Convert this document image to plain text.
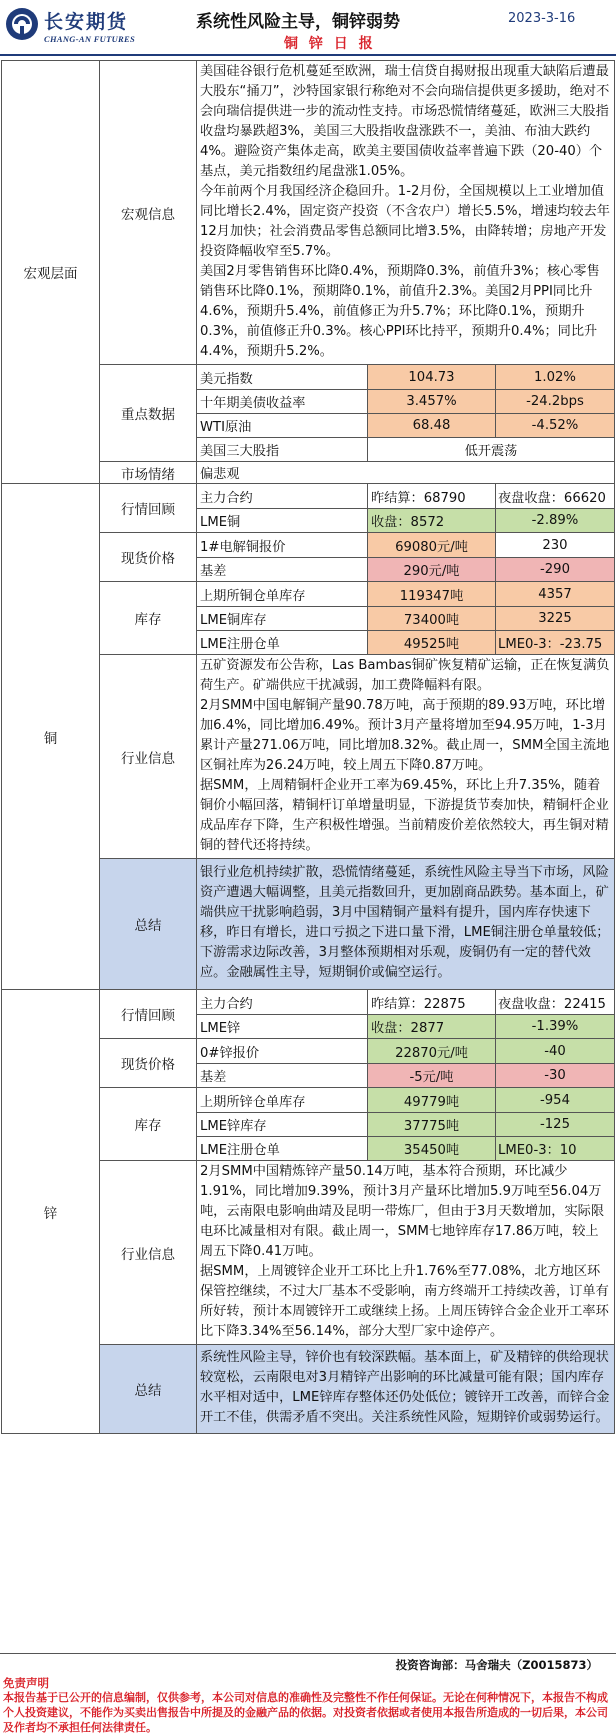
长安期货
CHANG-AN FUTURES
系统性风险主导，铜锌弱势	2023-3-16
铜 锌 日 报
宏观层面
宏观信息

美国硅谷银行危机蔓延至欧洲，瑞士信贷自揭财报出现重大缺陷后遭最大股东“捅刀”，沙特国家银行称绝对不会向瑞信提供更多援助，绝对不会向瑞信提供进一步的流动性支持。市场恐慌情绪蔓延，欧洲三大股指收盘均暴跌超3%，美国三大股指收盘涨跌不一，美油、布油大跌约4%。避险资产集体走高，欧美主要国债收益率普遍下跌（20-40）个基点，美元指数纽约尾盘涨1.05%。

今年前两个月我国经济企稳回升。1-2月份，全国规模以上工业增加值同比增长2.4%，固定资产投资（不含农户）增长5.5%，增速均较去年12月加快；社会消费品零售总额同比增3.5%，由降转增；房地产开发投资降幅收窄至5.7%。

美国2月零售销售环比降0.4%，预期降0.3%，前值升3%；核心零售销售环比降0.1%，预期降0.1%，前值升2.3%。美国2月PPI同比升4.6%，预期升5.4%，前值修正为升5.7%；环比降0.1%，预期升0.3%，前值修正升0.3%。核心PPI环比持平，预期升0.4%；同比升4.4%，预期升5.2%。

重点数据
美元指数	104.73	1.02%
十年期美债收益率	3.457%	-24.2bps
WTI原油	68.48	-4.52%
美国三大股指	低开震荡
市场情绪	偏悲观
铜
行情回顾
主力合约	昨结算：68790	夜盘收盘：66620
LME铜	收盘：8572	-2.89%
现货价格
1#电解铜报价	69080元/吨	230
基差	290元/吨	-290
库存
上期所铜仓单库存	119347吨	4357
LME铜库存	73400吨	3225
LME注册仓单	49525吨	LME0-3：-23.75
行业信息

五矿资源发布公告称，Las Bambas铜矿恢复精矿运输，正在恢复满负荷生产。矿端供应干扰减弱，加工费降幅料有限。

2月SMM中国电解铜产量90.78万吨，高于预期的89.93万吨，环比增加6.4%，同比增加6.49%。预计3月产量将增加至94.95万吨，1-3月累计产量271.06万吨，同比增加8.32%。截止周一，SMM全国主流地区铜社库为26.24万吨，较上周五下降0.87万吨。

据SMM，上周精铜杆企业开工率为69.45%，环比上升7.35%，随着铜价小幅回落，精铜杆订单增量明显，下游提货节奏加快，精铜杆企业成品库存下降，生产积极性增强。当前精废价差依然较大，再生铜对精铜的替代还将持续。

总结
银行业危机持续扩散，恐慌情绪蔓延，系统性风险主导当下市场，风险资产遭遇大幅调整，且美元指数回升，更加剧商品跌势。基本面上，矿端供应干扰影响趋弱，3月中国精铜产量料有提升，国内库存快速下移，昨日有增长，进口亏损之下进口量下滑，LME铜注册仓单量较低；下游需求边际改善，3月整体预期相对乐观，废铜仍有一定的替代效应。金融属性主导，短期铜价或偏空运行。
锌
行情回顾
主力合约	昨结算：22875	夜盘收盘：22415
LME锌	收盘：2877	-1.39%
现货价格
0#锌报价	22870元/吨	-40
基差	-5元/吨	-30
库存
上期所锌仓单库存	49779吨	-954
LME锌库存	37775吨	-125
LME注册仓单	35450吨	LME0-3：10
行业信息

2月SMM中国精炼锌产量50.14万吨，基本符合预期，环比减少1.91%，同比增加9.39%，预计3月产量环比增加5.9万吨至56.04万吨，云南限电影响曲靖及昆明一带炼厂，但由于3月天数增加，实际限电环比减量相对有限。截止周一，SMM七地锌库存17.86万吨，较上周五下降0.41万吨。

据SMM，上周镀锌企业开工环比上升1.76%至77.08%，北方地区环保管控继续，不过大厂基本不受影响，南方终端开工持续改善，订单有所好转，预计本周镀锌开工或继续上扬。上周压铸锌合金企业开工率环比下降3.34%至56.14%，部分大型厂家中途停产。

总结
系统性风险主导，锌价也有较深跌幅。基本面上，矿及精锌的供给现状较宽松，云南限电对3月精锌产出影响的环比减量可能有限；国内库存水平相对适中，LME锌库存整体还仍处低位；镀锌开工改善，而锌合金开工不佳，供需矛盾不突出。关注系统性风险，短期锌价或弱势运行。
投资咨询部：马舍瑞夫（Z0015873）
免责声明
本报告基于已公开的信息编制，仅供参考，本公司对信息的准确性及完整性不作任何保证。无论在何种情况下，本报告不构成个人投资建议，不能作为买卖出售报告中所提及的金融产品的依据。对投资者依据或者使用本报告所造成的一切后果，本公司及作者均不承担任何法律责任。
